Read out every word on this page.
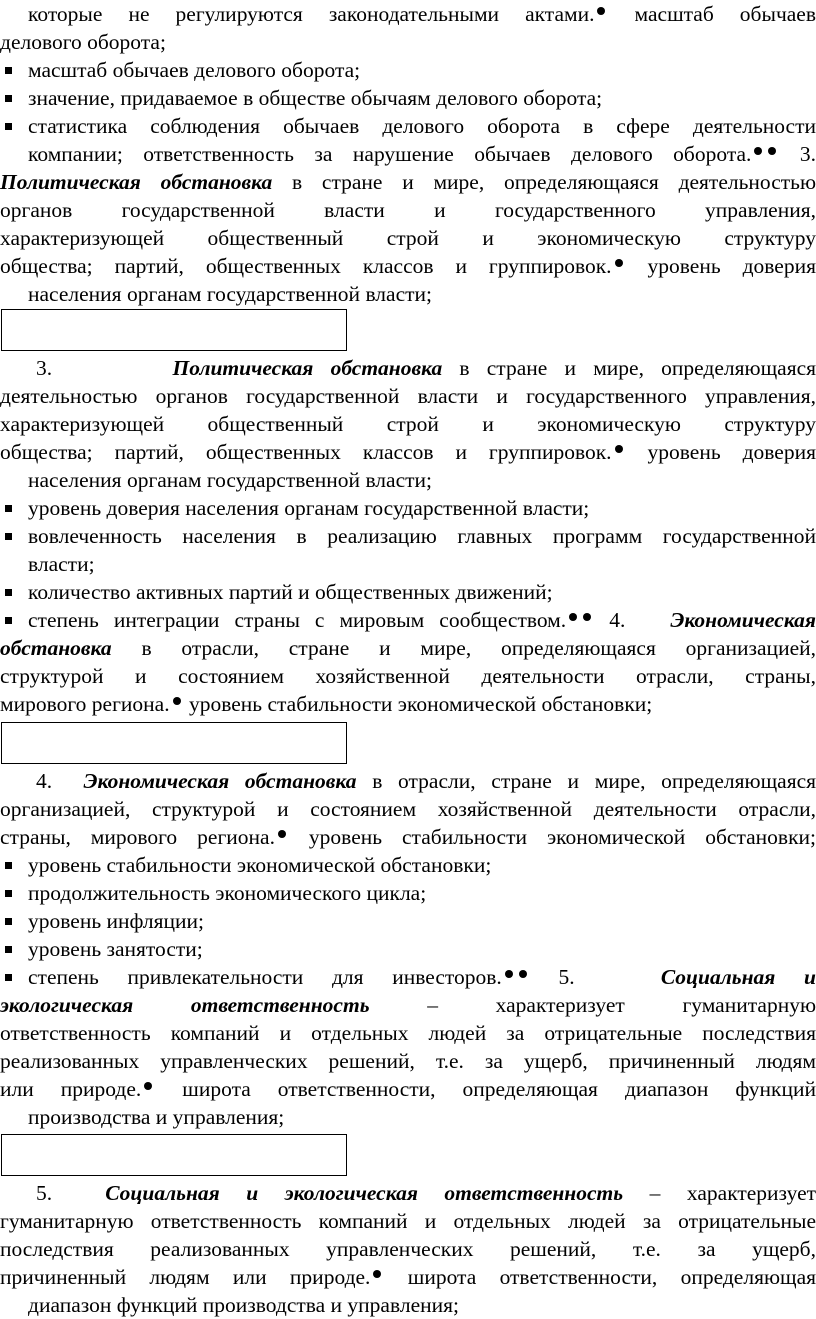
которые не регулируются законодательными актами. масштаб обычаев

делового оборота;

масштаб обычаев делового оборота;

значение, придаваемое в обществе обычаям делового оборота;

статистика соблюдения обычаев делового оборота в сфере деятельности

компании; ответственность за нарушение обычаев делового оборота. 3.

Политическая обстановка в стране и мире, определяющаяся деятельностью

органов государственной власти и государственного управления,

характеризующей общественный строй и экономическую структуру

общества; партий, общественных классов и группировок. уровень доверия

населения органам государственной власти;

3.	Политическая обстановка в стране и мире, определяющаяся

деятельностью органов государственной власти и государственного управления,

характеризующей общественный строй и экономическую структуру

общества; партий, общественных классов и группировок. уровень доверия

населения органам государственной власти;

уровень доверия населения органам государственной власти;

вовлеченность населения в реализацию главных программ государственной

власти;

количество активных партий и общественных движений;

степень интеграции страны с мировым сообществом. 4. Экономическая

обстановка в отрасли, стране и мире, определяющаяся организацией,

структурой и состоянием хозяйственной деятельности отрасли, страны,

мирового региона. уровень стабильности экономической обстановки;

4. Экономическая обстановка в отрасли, стране и мире, определяющаяся

организацией, структурой и состоянием хозяйственной деятельности отрасли,

страны, мирового региона. уровень стабильности экономической обстановки;

уровень стабильности экономической обстановки;

продолжительность экономического цикла;

уровень инфляции;

уровень занятости;

степень привлекательности для инвесторов.	5.	Социальная и

экологическая ответственность	– характеризует гуманитарную

ответственность компаний и отдельных людей за отрицательные последствия

реализованных управленческих решений, т.е. за ущерб, причиненный людям

или природе. широта ответственности, определяющая диапазон функций

производства и управления;

5. Социальная и экологическая ответственность – характеризует

гуманитарную ответственность компаний и отдельных людей за отрицательные

последствия реализованных управленческих решений, т.е. за ущерб,

причиненный людям или природе. широта ответственности, определяющая

диапазон функций производства и управления;
